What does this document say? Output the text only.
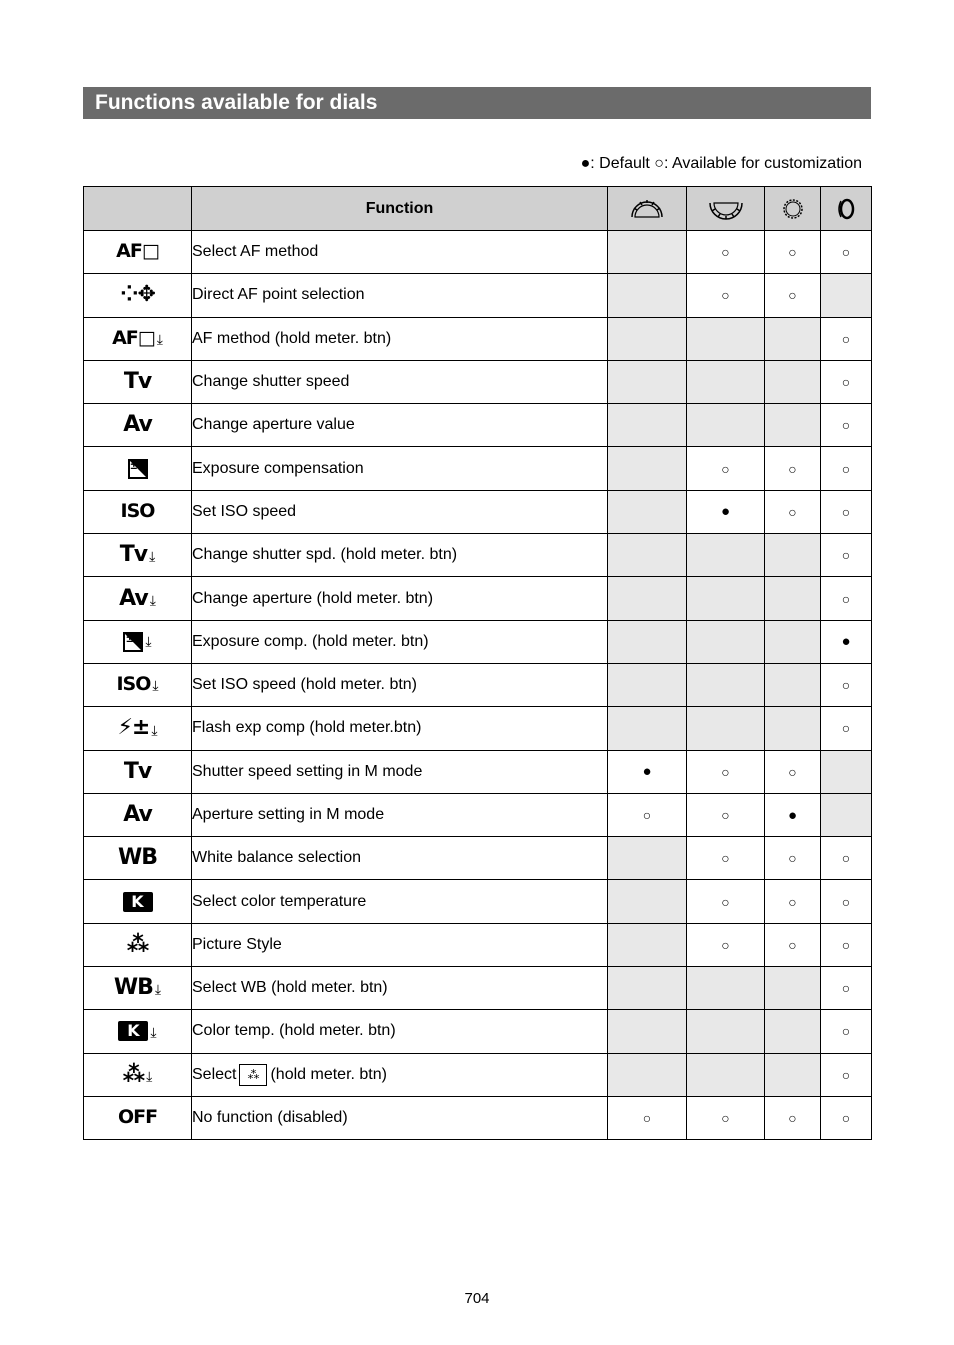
Functions available for dials
●: Default ○: Available for customization
	Function	

AF□	Select AF method		○	○	○
⁘✥	Direct AF point selection		○	○	
AF□ ⤓	AF method (hold meter. btn)				○
Tv	Change shutter speed				○
Av	Change aperture value				○

±	Exposure compensation		○	○	○
ISO	Set ISO speed		●	○	○
Tv ⤓	Change shutter spd. (hold meter. btn)				○
Av ⤓	Change aperture (hold meter. btn)				○

± ⤓	Exposure comp. (hold meter. btn)				●
ISO ⤓	Set ISO speed (hold meter. btn)				○
⚡± ⤓	Flash exp comp (hold meter.btn)				○
Tv	Shutter speed setting in M mode	●	○	○	
Av	Aperture setting in M mode	○	○	●	
WB	White balance selection		○	○	○
K	Select color temperature		○	○	○
⁂	Picture Style		○	○	○
WB ⤓	Select WB (hold meter. btn)				○
K ⤓	Color temp. (hold meter. btn)				○
⁂ ⤓	Select ⁂ (hold meter. btn)				○
OFF	No function (disabled)	○	○	○	○
704
